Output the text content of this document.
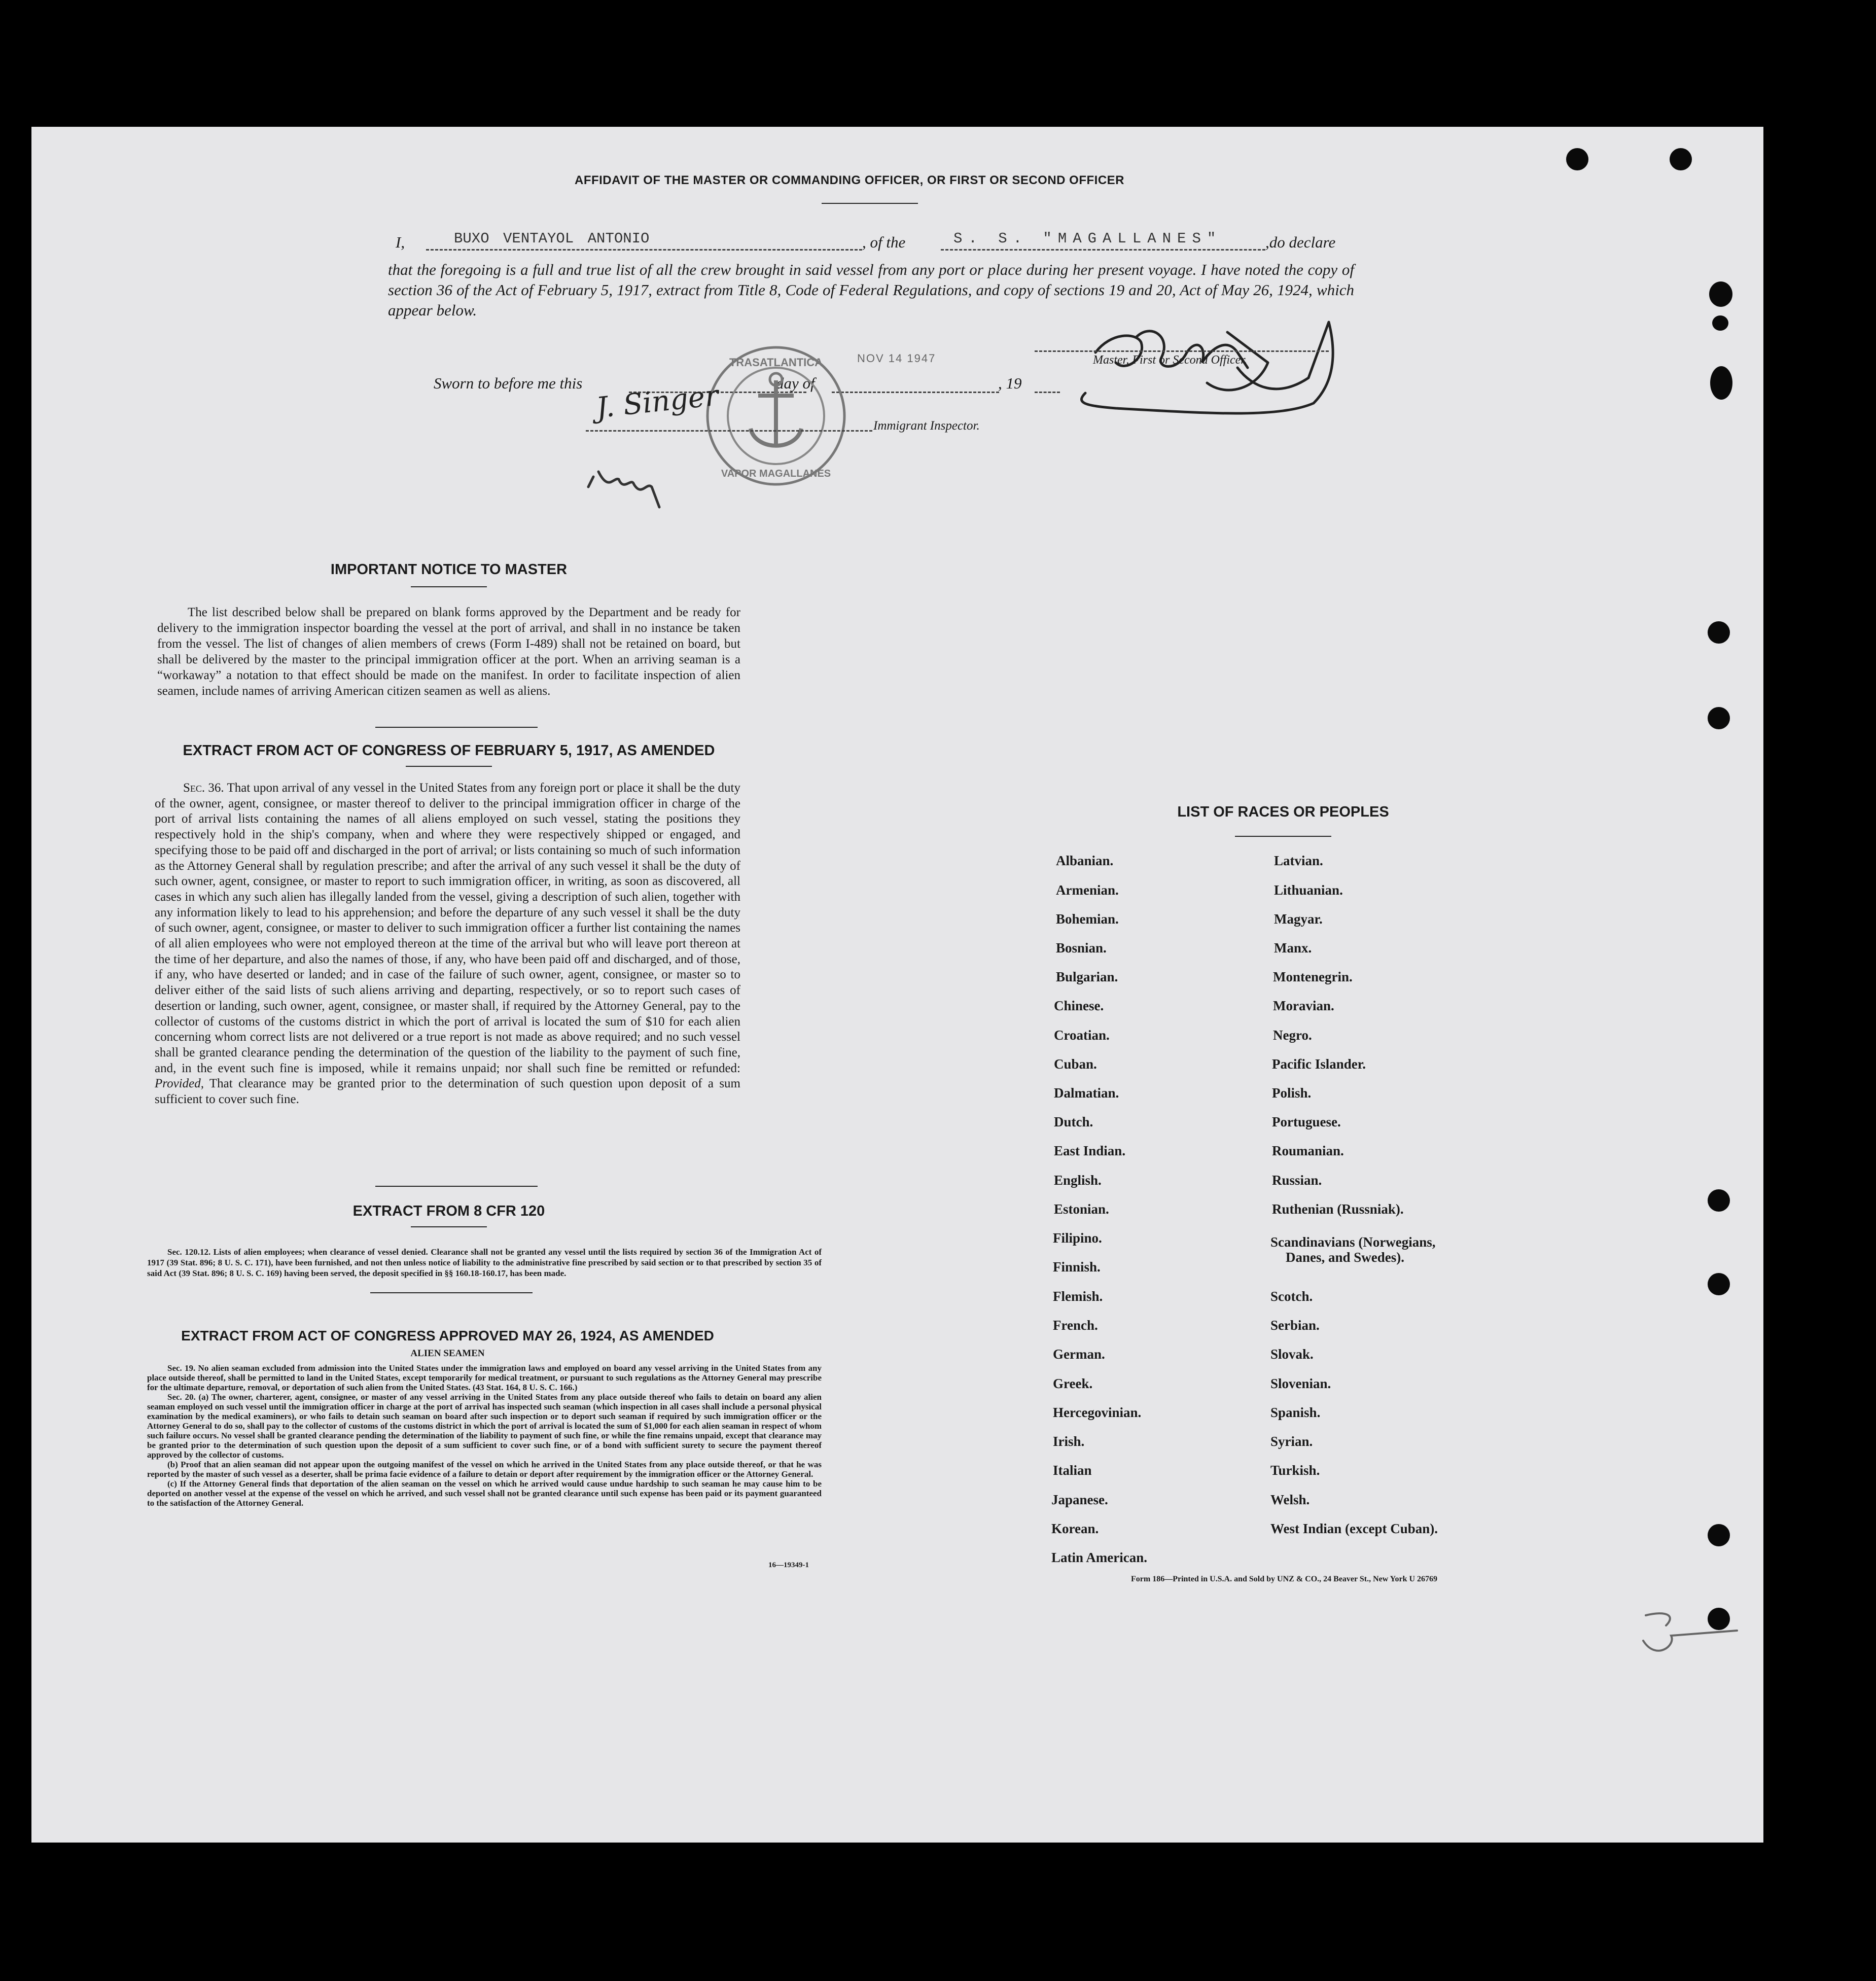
AFFIDAVIT OF THE MASTER OR COMMANDING OFFICER, OR FIRST OR SECOND OFFICER
I,	BUXO VENTAYOL ANTONIO	, of the	S. S. "MAGALLANES"	,do declare
that the foregoing is a full and true list of all the crew brought in said vessel from any port or place during her present voyage. I have noted the copy of section 36 of the Act of February 5, 1917, extract from Title 8, Code of Federal Regulations, and copy of sections 19 and 20, Act of May 26, 1924, which appear below.
NOV 14 1947	Master, First or Second Officer.
Sworn to before me this	day of	, 19
TRASATLANTICA
VAPOR MAGALLANES
J. Singer
Immigrant Inspector.
IMPORTANT NOTICE TO MASTER
The list described below shall be prepared on blank forms approved by the Department and be ready for delivery to the immigration inspector boarding the vessel at the port of arrival, and shall in no instance be taken from the vessel. The list of changes of alien members of crews (Form I-489) shall not be retained on board, but shall be delivered by the master to the principal immigration officer at the port. When an arriving seaman is a “workaway” a notation to that effect should be made on the manifest. In order to facilitate inspection of alien seamen, include names of arriving American citizen seamen as well as aliens.
EXTRACT FROM ACT OF CONGRESS OF FEBRUARY 5, 1917, AS AMENDED
Sec. 36. That upon arrival of any vessel in the United States from any foreign port or place it shall be the duty of the owner, agent, consignee, or master thereof to deliver to the principal immigration officer in charge of the port of arrival lists containing the names of all aliens employed on such vessel, stating the positions they respectively hold in the ship's company, when and where they were respectively shipped or engaged, and specifying those to be paid off and discharged in the port of arrival; or lists containing so much of such information as the Attorney General shall by regulation prescribe; and after the arrival of any such vessel it shall be the duty of such owner, agent, consignee, or master to report to such immigration officer, in writing, as soon as discovered, all cases in which any such alien has illegally landed from the vessel, giving a description of such alien, together with any information likely to lead to his apprehension; and before the departure of any such vessel it shall be the duty of such owner, agent, consignee, or master to deliver to such immigration officer a further list containing the names of all alien employees who were not employed thereon at the time of the arrival but who will leave port thereon at the time of her departure, and also the names of those, if any, who have been paid off and discharged, and of those, if any, who have deserted or landed; and in case of the failure of such owner, agent, consignee, or master so to deliver either of the said lists of such aliens arriving and departing, respectively, or so to report such cases of desertion or landing, such owner, agent, consignee, or master shall, if required by the Attorney General, pay to the collector of customs of the customs district in which the port of arrival is located the sum of $10 for each alien concerning whom correct lists are not delivered or a true report is not made as above required; and no such vessel shall be granted clearance pending the determination of the question of the liability to the payment of such fine, and, in the event such fine is imposed, while it remains unpaid; nor shall such fine be remitted or refunded: Provided, That clearance may be granted prior to the determination of such question upon deposit of a sum sufficient to cover such fine.
EXTRACT FROM 8 CFR 120
Sec. 120.12. Lists of alien employees; when clearance of vessel denied. Clearance shall not be granted any vessel until the lists required by section 36 of the Immigration Act of 1917 (39 Stat. 896; 8 U. S. C. 171), have been furnished, and not then unless notice of liability to the administrative fine prescribed by said section or to that prescribed by section 35 of said Act (39 Stat. 896; 8 U. S. C. 169) having been served, the deposit specified in §§ 160.18-160.17, has been made.
EXTRACT FROM ACT OF CONGRESS APPROVED MAY 26, 1924, AS AMENDED
ALIEN SEAMEN
Sec. 19. No alien seaman excluded from admission into the United States under the immigration laws and employed on board any vessel arriving in the United States from any place outside thereof, shall be permitted to land in the United States, except temporarily for medical treatment, or pursuant to such regulations as the Attorney General may prescribe for the ultimate departure, removal, or deportation of such alien from the United States. (43 Stat. 164, 8 U. S. C. 166.)
Sec. 20. (a) The owner, charterer, agent, consignee, or master of any vessel arriving in the United States from any place outside thereof who fails to detain on board any alien seaman employed on such vessel until the immigration officer in charge at the port of arrival has inspected such seaman (which inspection in all cases shall include a personal physical examination by the medical examiners), or who fails to detain such seaman on board after such inspection or to deport such seaman if required by such immigration officer or the Attorney General to do so, shall pay to the collector of customs of the customs district in which the port of arrival is located the sum of $1,000 for each alien seaman in respect of whom such failure occurs. No vessel shall be granted clearance pending the determination of the liability to payment of such fine, or while the fine remains unpaid, except that clearance may be granted prior to the determination of such question upon the deposit of a sum sufficient to cover such fine, or of a bond with sufficient surety to secure the payment thereof approved by the collector of customs.
(b) Proof that an alien seaman did not appear upon the outgoing manifest of the vessel on which he arrived in the United States from any place outside thereof, or that he was reported by the master of such vessel as a deserter, shall be prima facie evidence of a failure to detain or deport after requirement by the immigration officer or the Attorney General.
(c) If the Attorney General finds that deportation of the alien seaman on the vessel on which he arrived would cause undue hardship to such seaman he may cause him to be deported on another vessel at the expense of the vessel on which he arrived, and such vessel shall not be granted clearance until such expense has been paid or its payment guaranteed to the satisfaction of the Attorney General.
16—19349-1
LIST OF RACES OR PEOPLES
Albanian.
Armenian.
Bohemian.
Bosnian.
Bulgarian.
Chinese.
Croatian.
Cuban.
Dalmatian.
Dutch.
East Indian.
English.
Estonian.
Filipino.
Finnish.
Flemish.
French.
German.
Greek.
Hercegovinian.
Irish.
Italian
Japanese.
Korean.
Latin American.
Latvian.
Lithuanian.
Magyar.
Manx.
Montenegrin.
Moravian.
Negro.
Pacific Islander.
Polish.
Portuguese.
Roumanian.
Russian.
Ruthenian (Russniak).
Scandinavians (Norwegians,
Danes, and Swedes).
Scotch.
Serbian.
Slovak.
Slovenian.
Spanish.
Syrian.
Turkish.
Welsh.
West Indian (except Cuban).
Form 186—Printed in U.S.A. and Sold by UNZ & CO., 24 Beaver St., New York U 26769
